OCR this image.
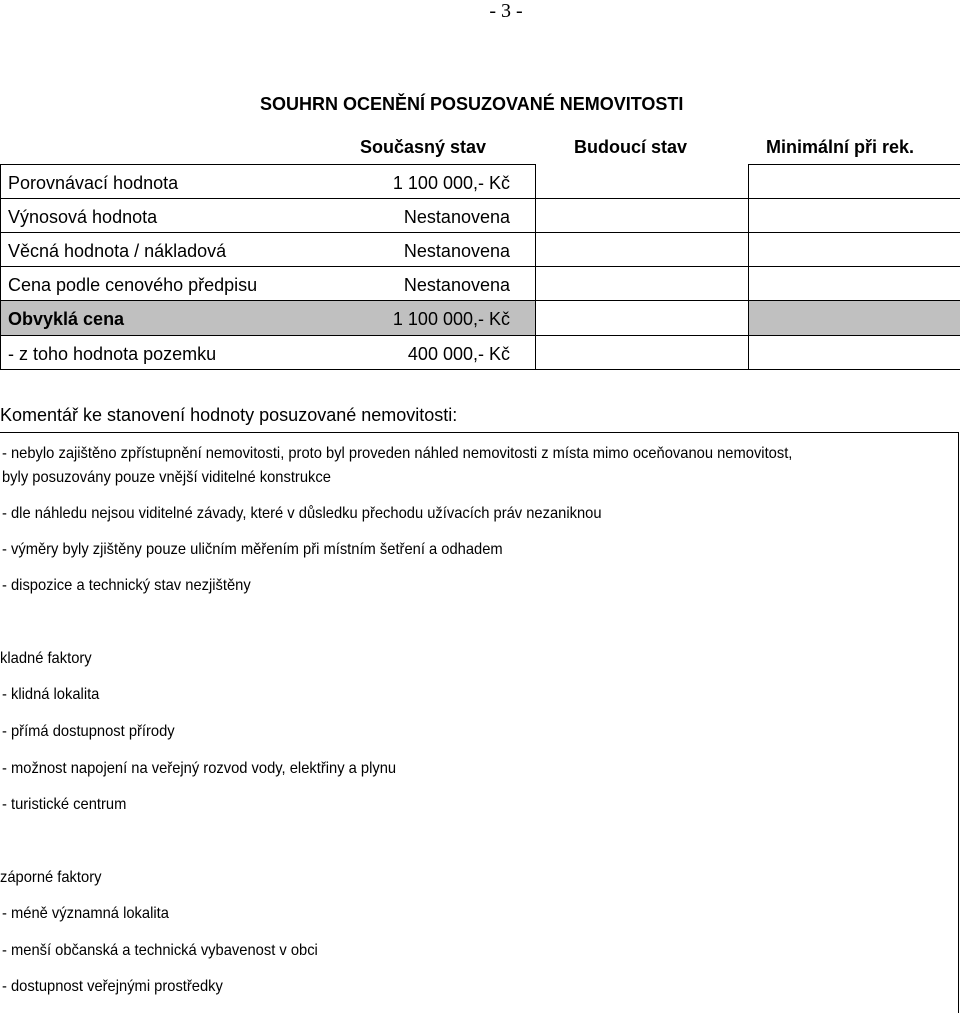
- 3 -
SOUHRN OCENĚNÍ POSUZOVANÉ NEMOVITOSTI
Současný stav	Budoucí stav	Minimální při rek.
Porovnávací hodnota	1 100 000,- Kč
Výnosová hodnota	Nestanovena
Věcná hodnota / nákladová	Nestanovena
Cena podle cenového předpisu	Nestanovena
Obvyklá cena	1 100 000,- Kč
- z toho hodnota pozemku	400 000,- Kč
Komentář ke stanovení hodnoty posuzované nemovitosti:
- nebylo zajištěno zpřístupnění nemovitosti, proto byl proveden náhled nemovitosti z místa mimo oceňovanou nemovitost,
byly posuzovány pouze vnější viditelné konstrukce
- dle náhledu nejsou viditelné závady, které v důsledku přechodu užívacích práv nezaniknou
- výměry byly zjištěny pouze uličním měřením při místním šetření a odhadem
- dispozice a technický stav nezjištěny
kladné faktory
- klidná lokalita
- přímá dostupnost přírody
- možnost napojení na veřejný rozvod vody, elektřiny a plynu
- turistické centrum
záporné faktory
- méně významná lokalita
- menší občanská a technická vybavenost v obci
- dostupnost veřejnými prostředky
